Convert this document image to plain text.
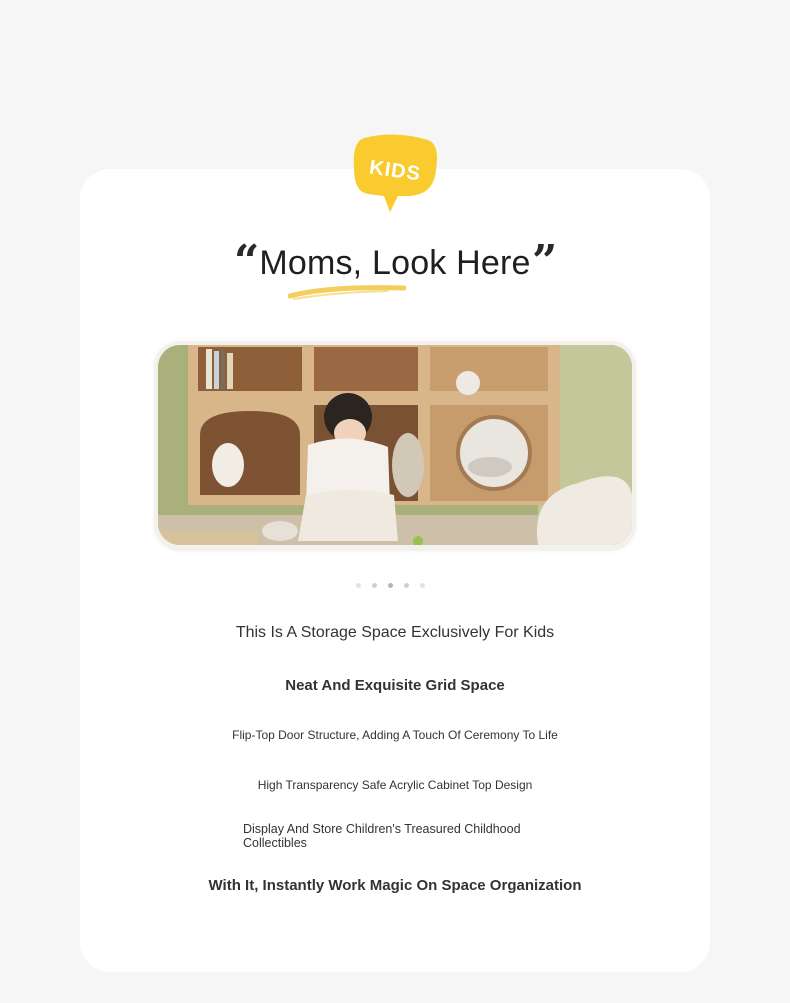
KIDS
“ Moms, Look Here ”
This Is A Storage Space Exclusively For Kids
Neat And Exquisite Grid Space
Flip-Top Door Structure, Adding A Touch Of Ceremony To Life
High Transparency Safe Acrylic Cabinet Top Design
Display And Store Children's Treasured Childhood Collectibles
With It, Instantly Work Magic On Space Organization
